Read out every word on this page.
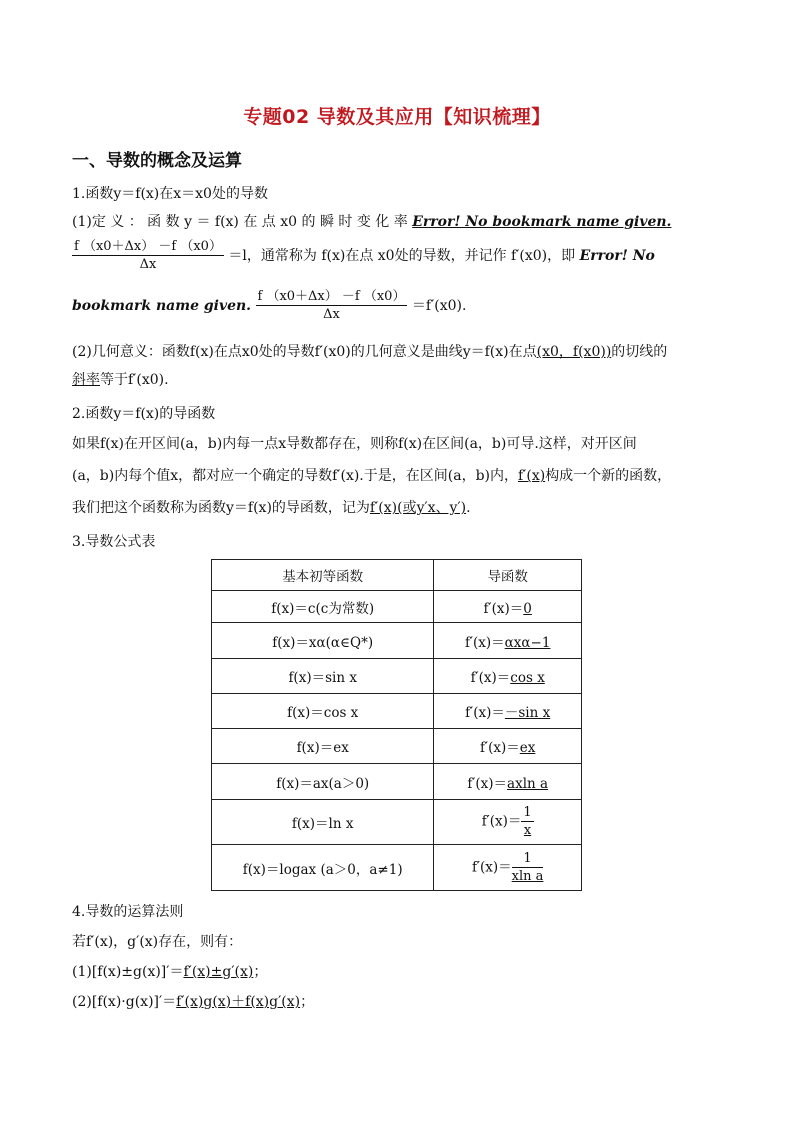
专题02 导数及其应用【知识梳理】
一、导数的概念及运算
1.函数y＝f(x)在x＝x0处的导数
(1)定 义 ： 函 数 y ＝ f(x) 在 点 x0 的 瞬 时 变 化 率 Error! No bookmark name given.
$\frac{f (x0+\Delta x) -f (x0)}{\Delta x} =l$，通常称为 f(x)在点 x0处的导数，并记作 f′(x0)，即 Error! No
bookmark name given. $\frac{f (x0+\Delta x) -f (x0)}{\Delta x} =f'(x0)$.
(2)几何意义：函数f(x)在点x0处的导数f′(x0)的几何意义是曲线y＝f(x)在点(x0，f(x0))的切线的
斜率等于f′(x0).
2.函数y＝f(x)的导函数
如果f(x)在开区间(a，b)内每一点x导数都存在，则称f(x)在区间(a，b)可导.这样，对开区间
(a，b)内每个值x，都对应一个确定的导数f′(x).于是，在区间(a，b)内，f′(x)构成一个新的函数，
我们把这个函数称为函数y＝f(x)的导函数，记为f′(x)(或y′x、y′).
3.导数公式表
基本初等函数	导函数
f(x)＝c(c为常数)	f′(x)＝0
f(x)＝xα(α∈Q*)	f′(x)＝αxα−1
f(x)＝sin x	f′(x)＝cos x
f(x)＝cos x	f′(x)＝－sin x
f(x)＝ex	f′(x)＝ex
f(x)＝ax(a＞0)	f′(x)＝axln a
f(x)＝ln x	$f'(x)= \frac{1}{x}$

f(x)＝logax (a＞0，a≠1)	$f'(x)= \frac{1}{\text{xln a}}$
4.导数的运算法则
若f′(x)，g′(x)存在，则有：
(1)[f(x)±g(x)]′＝f′(x)±g′(x)；
(2)[f(x)·g(x)]′＝f′(x)g(x)＋f(x)g′(x)；
